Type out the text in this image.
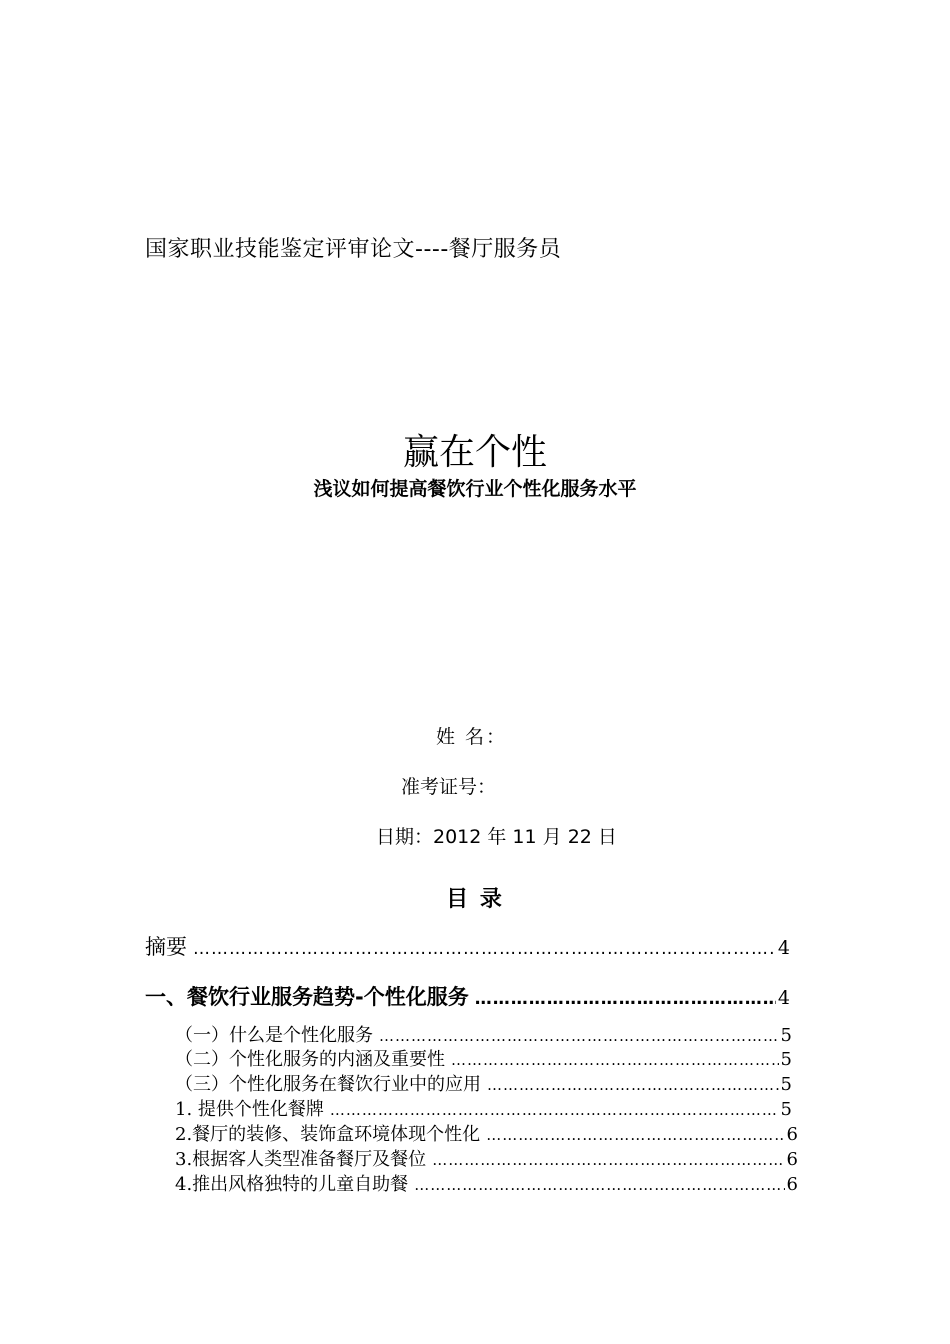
国家职业技能鉴定评审论文----餐厅服务员
赢在个性
浅议如何提高餐饮行业个性化服务水平
姓 名：
准考证号：
日期：2012 年 11 月 22 日
目 录
摘要 …………………………………………………………………………………………………………………………………………………………	4
一、餐饮行业服务趋势-个性化服务 …………………………………………………………………………………………………………………………………………………………	4
（一）什么是个性化服务 …………………………………………………………………………………………………………………………………………………………	5
（二）个性化服务的内涵及重要性 …………………………………………………………………………………………………………………………………………………………	5
（三）个性化服务在餐饮行业中的应用 …………………………………………………………………………………………………………………………………………………………	5
1. 提供个性化餐牌 …………………………………………………………………………………………………………………………………………………………	5
2.餐厅的装修、装饰盒环境体现个性化 …………………………………………………………………………………………………………………………………………………………	6
3.根据客人类型准备餐厅及餐位 …………………………………………………………………………………………………………………………………………………………	6
4.推出风格独特的儿童自助餐 …………………………………………………………………………………………………………………………………………………………	6
